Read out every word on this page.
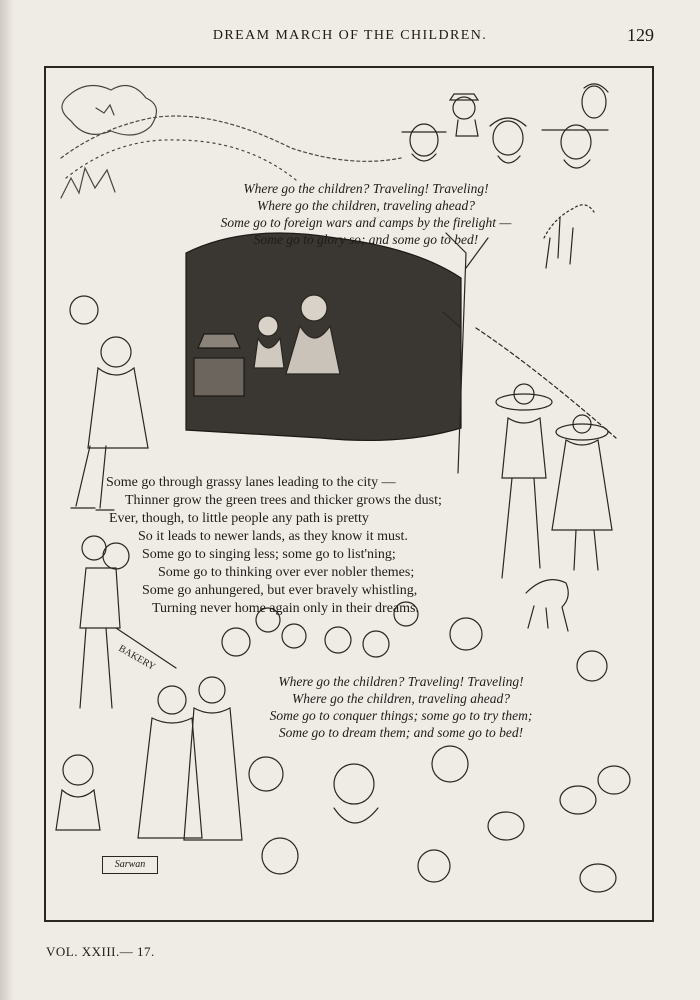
DREAM MARCH OF THE CHILDREN.	129
BAKERY
Where go the children? Traveling! Traveling!
Where go the children, traveling ahead?
Some go to foreign wars and camps by the firelight —
Some go to glory so; and some go to bed!
Some go through grassy lanes leading to the city —
Thinner grow the green trees and thicker grows the dust;
Ever, though, to little people any path is pretty
So it leads to newer lands, as they know it must.
Some go to singing less; some go to list'ning;
Some go to thinking over ever nobler themes;
Some go anhungered, but ever bravely whistling,
Turning never home again only in their dreams.
Where go the children? Traveling! Traveling!
Where go the children, traveling ahead?
Some go to conquer things; some go to try them;
Some go to dream them; and some go to bed!
Sarwan
VOL. XXIII.— 17.
